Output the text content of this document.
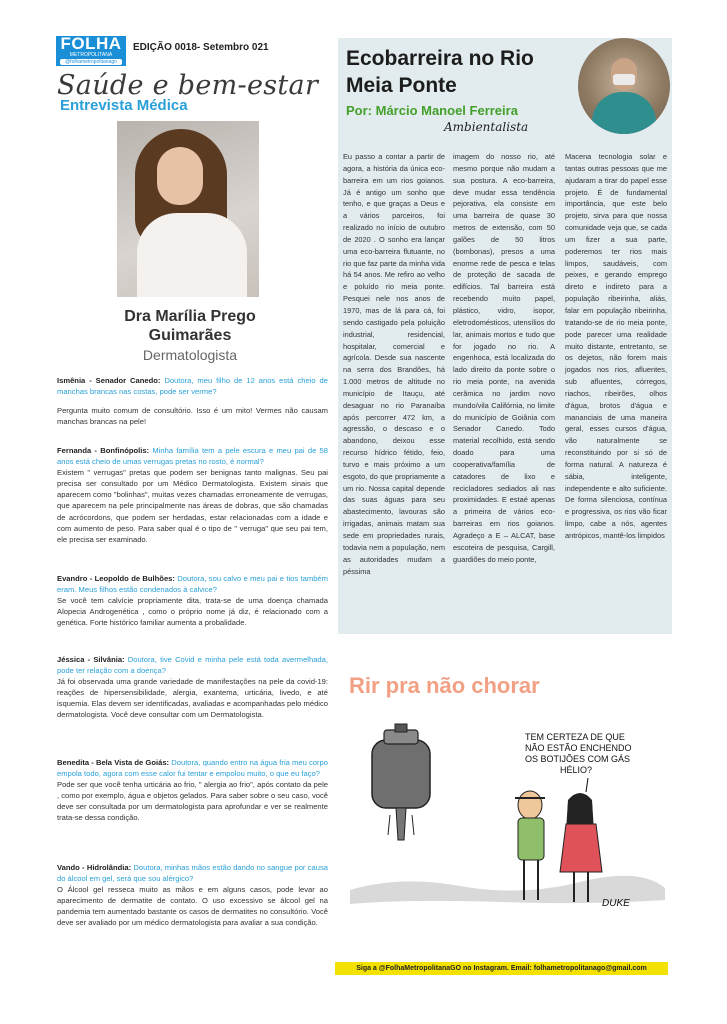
FOLHA
METROPOLITANA
@folhametropolitanago
EDIÇÃO 0018- Setembro 021
Saúde e bem-estar
Entrevista Médica
Dra Marília Prego
Guimarães
Dermatologista

Ismênia - Senador Canedo: Doutora, meu filho de 12 anos está cheio de manchas brancas nas costas, pode ser verme?

Pergunta muito comum de consultório. Isso é um mito! Vermes não causam manchas brancas na pele!

Fernanda - Bonfinópolis: Minha família tem a pele escura e meu pai de 58 anos está cheio de umas verrugas pretas no rosto, é normal?

Existem " verrugas" pretas que podem ser benignas tanto malignas. Seu pai precisa ser consultado por um Médico Dermatologista. Existem sinais que aparecem como "bolinhas", muitas vezes chamadas erroneamente de verrugas, que aparecem na pele principalmente nas áreas de dobras, que são chamadas de acrócordons, que podem ser herdadas, estar relacionadas com a idade e com aumento de peso. Para saber qual é o tipo de " verruga" que seu pai tem, ele precisa ser examinado.

Evandro - Leopoldo de Bulhões: Doutora, sou calvo e meu pai e tios também eram. Meus filhos estão condenados à calvice?

Se você tem calvície propriamente dita, trata-se de uma doença chamada Alopecia Androgenética , como o próprio nome já diz, é relacionado com a genética. Forte histórico familiar aumenta a probalidade.

Jéssica - Silvânia: Doutora, tive Covid e minha pele está toda avermelhada, pode ter relação com a doença?

Já foi observada uma grande variedade de manifestações na pele da covid-19: reações de hipersensibilidade, alergia, exantema, urticária, livedo, e até isquemia. Elas devem ser identificadas, avaliadas e acompanhadas pelo médico dermatologista. Você deve consultar com um Dermatologista.

Benedita - Bela Vista de Goiás: Doutora, quando entro na água fria meu corpo empola todo, agora com esse calor fui tentar e empolou muito, o que eu faço?

Pode ser que você tenha urticária ao frio, " alergia ao frio", após contato da pele , como por exemplo, água e objetos gelados. Para saber sobre o seu caso, você deve ser consultada por um dermatologista para aprofundar e ver se realmente trata-se dessa condição.

Vando - Hidrolândia: Doutora, minhas mãos estão dando no sangue por causa do álcool em gel, será que sou alérgico?

O Álcool gel resseca muito as mãos e em alguns casos, pode levar ao aparecimento de dermatite de contato. O uso excessivo se álcool gel na pandemia tem aumentado bastante os casos de dermatites no consultório. Você deve ser avaliado por um médico dermatologista para avaliar a sua condição.

Ecobarreira no Rio Meia Ponte
Por: Márcio Manoel Ferreira
Ambientalista
Eu passo a contar a partir de agora, a história da única eco-barreira em um rios goianos. Já é antigo um sonho que tenho, e que graças a Deus e a vários parceiros, foi realizado no início de outubro de 2020 . O sonho era lançar uma eco-barreira flutuante, no rio que faz parte da minha vida há 54 anos. Me refiro ao velho e poluído rio meia ponte. Pesquei nele nos anos de 1970, mas de lá para cá, foi sendo castigado pela poluição industrial, residencial, hospitalar, comercial e agrícola. Desde sua nascente na serra dos Brandões, há 1.000 metros de altitude no município de Itauçu, até desaguar no rio Paranaíba após percorrer 472 km, a agressão, o descaso e o abandono, deixou esse recurso hídrico fétido, feio, turvo e mais próximo a um esgoto, do que propriamente a um rio. Nossa capital depende das suas águas para seu abastecimento, lavouras são irrigadas, animais matam sua sede em propriedades rurais, todavia nem a população, nem as autoridades mudam a péssima
imagem do nosso rio, até mesmo porque não mudam a sua postura. A eco-barreira, deve mudar essa tendência pejorativa, ela consiste em uma barreira de quase 30 metros de extensão, com 50 galões de 50 litros (bombonas), presos a uma enorme rede de pesca e telas de proteção de sacada de edifícios. Tal barreira está recebendo muito papel, plástico, vidro, isopor, eletrodomésticos, utensílios do lar, animais mortos e tudo que for jogado no rio. A engenhoca, está localizada do lado direito da ponte sobre o rio meia ponte, na avenida cerâmica no jardim novo mundo/vila Califórnia, no limite do município de Goiânia com Senador Canedo. Todo material recolhido, está sendo doado para uma cooperativa/família de catadores de lixo e recicladores sediados ali nas proximidades. E estaé apenas a primeira de vários eco-barreiras em rios goianos. Agradeço a E – ALCAT, base escoteira de pesquisa, Cargill, guardiões do meio ponte,
Macena tecnologia solar e tantas outras pessoas que me ajudaram a tirar do papel esse projeto. É de fundamental importância, que este belo projeto, sirva para que nossa comunidade veja que, se cada um fizer a sua parte, poderemos ter rios mais limpos, saudáveis, com peixes, e gerando emprego direto e indireto para a população ribeirinha, aliás, falar em população ribeirinha, tratando-se de rio meia ponte, pode parecer uma realidade muito distante, entretanto, se os dejetos, não forem mais jogados nos rios, afluentes, sub afluentes, córregos, riachos, ribeirões, olhos d'água, brotos d'água e mananciais de uma maneira geral, esses cursos d'água, vão naturalmente se reconstituindo por si só de forma natural. A natureza é sábia, inteligente, independente e alto suficiente. De forma silenciosa, contínua e progressiva, os rios vão ficar limpo, cabe a nós, agentes antrópicos, mantê-los limpidos
Rir pra não chorar
TEM CERTEZA DE QUE
NÃO ESTÃO ENCHENDO
OS BOTIJÕES COM GÁS
HÉLIO?
DUKE
Siga a @FolhaMetropolitanaGO no Instagram. Email: folhametropolitanago@gmail.com
